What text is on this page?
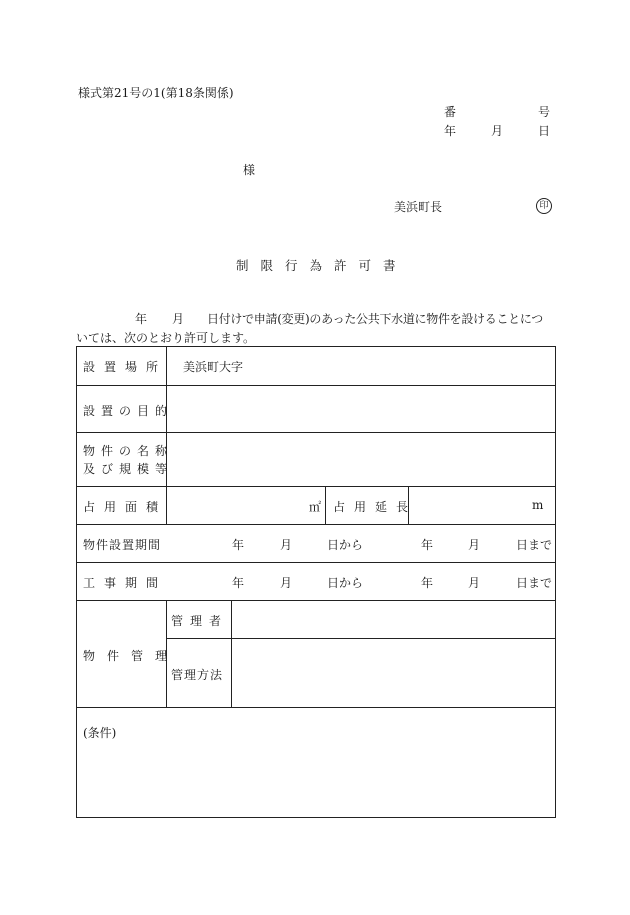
様式第21号の1(第18条関係)
番	号
年	月	日
様
美浜町長	印
制限行為許可書
年 月 日付けで申請(変更)のあった公共下水道に物件を設けることにつ
いては、次のとおり許可します。
設置場所 美浜町大字
設置の目的
物件の名称
及び規模等
占用面積	㎡ 占用延長	m
物件設置期間	年	月	日から	年	月	日まで
工事期間	年	月	日から	年	月	日まで
物件管理
管理者
管理方法
(条件)
